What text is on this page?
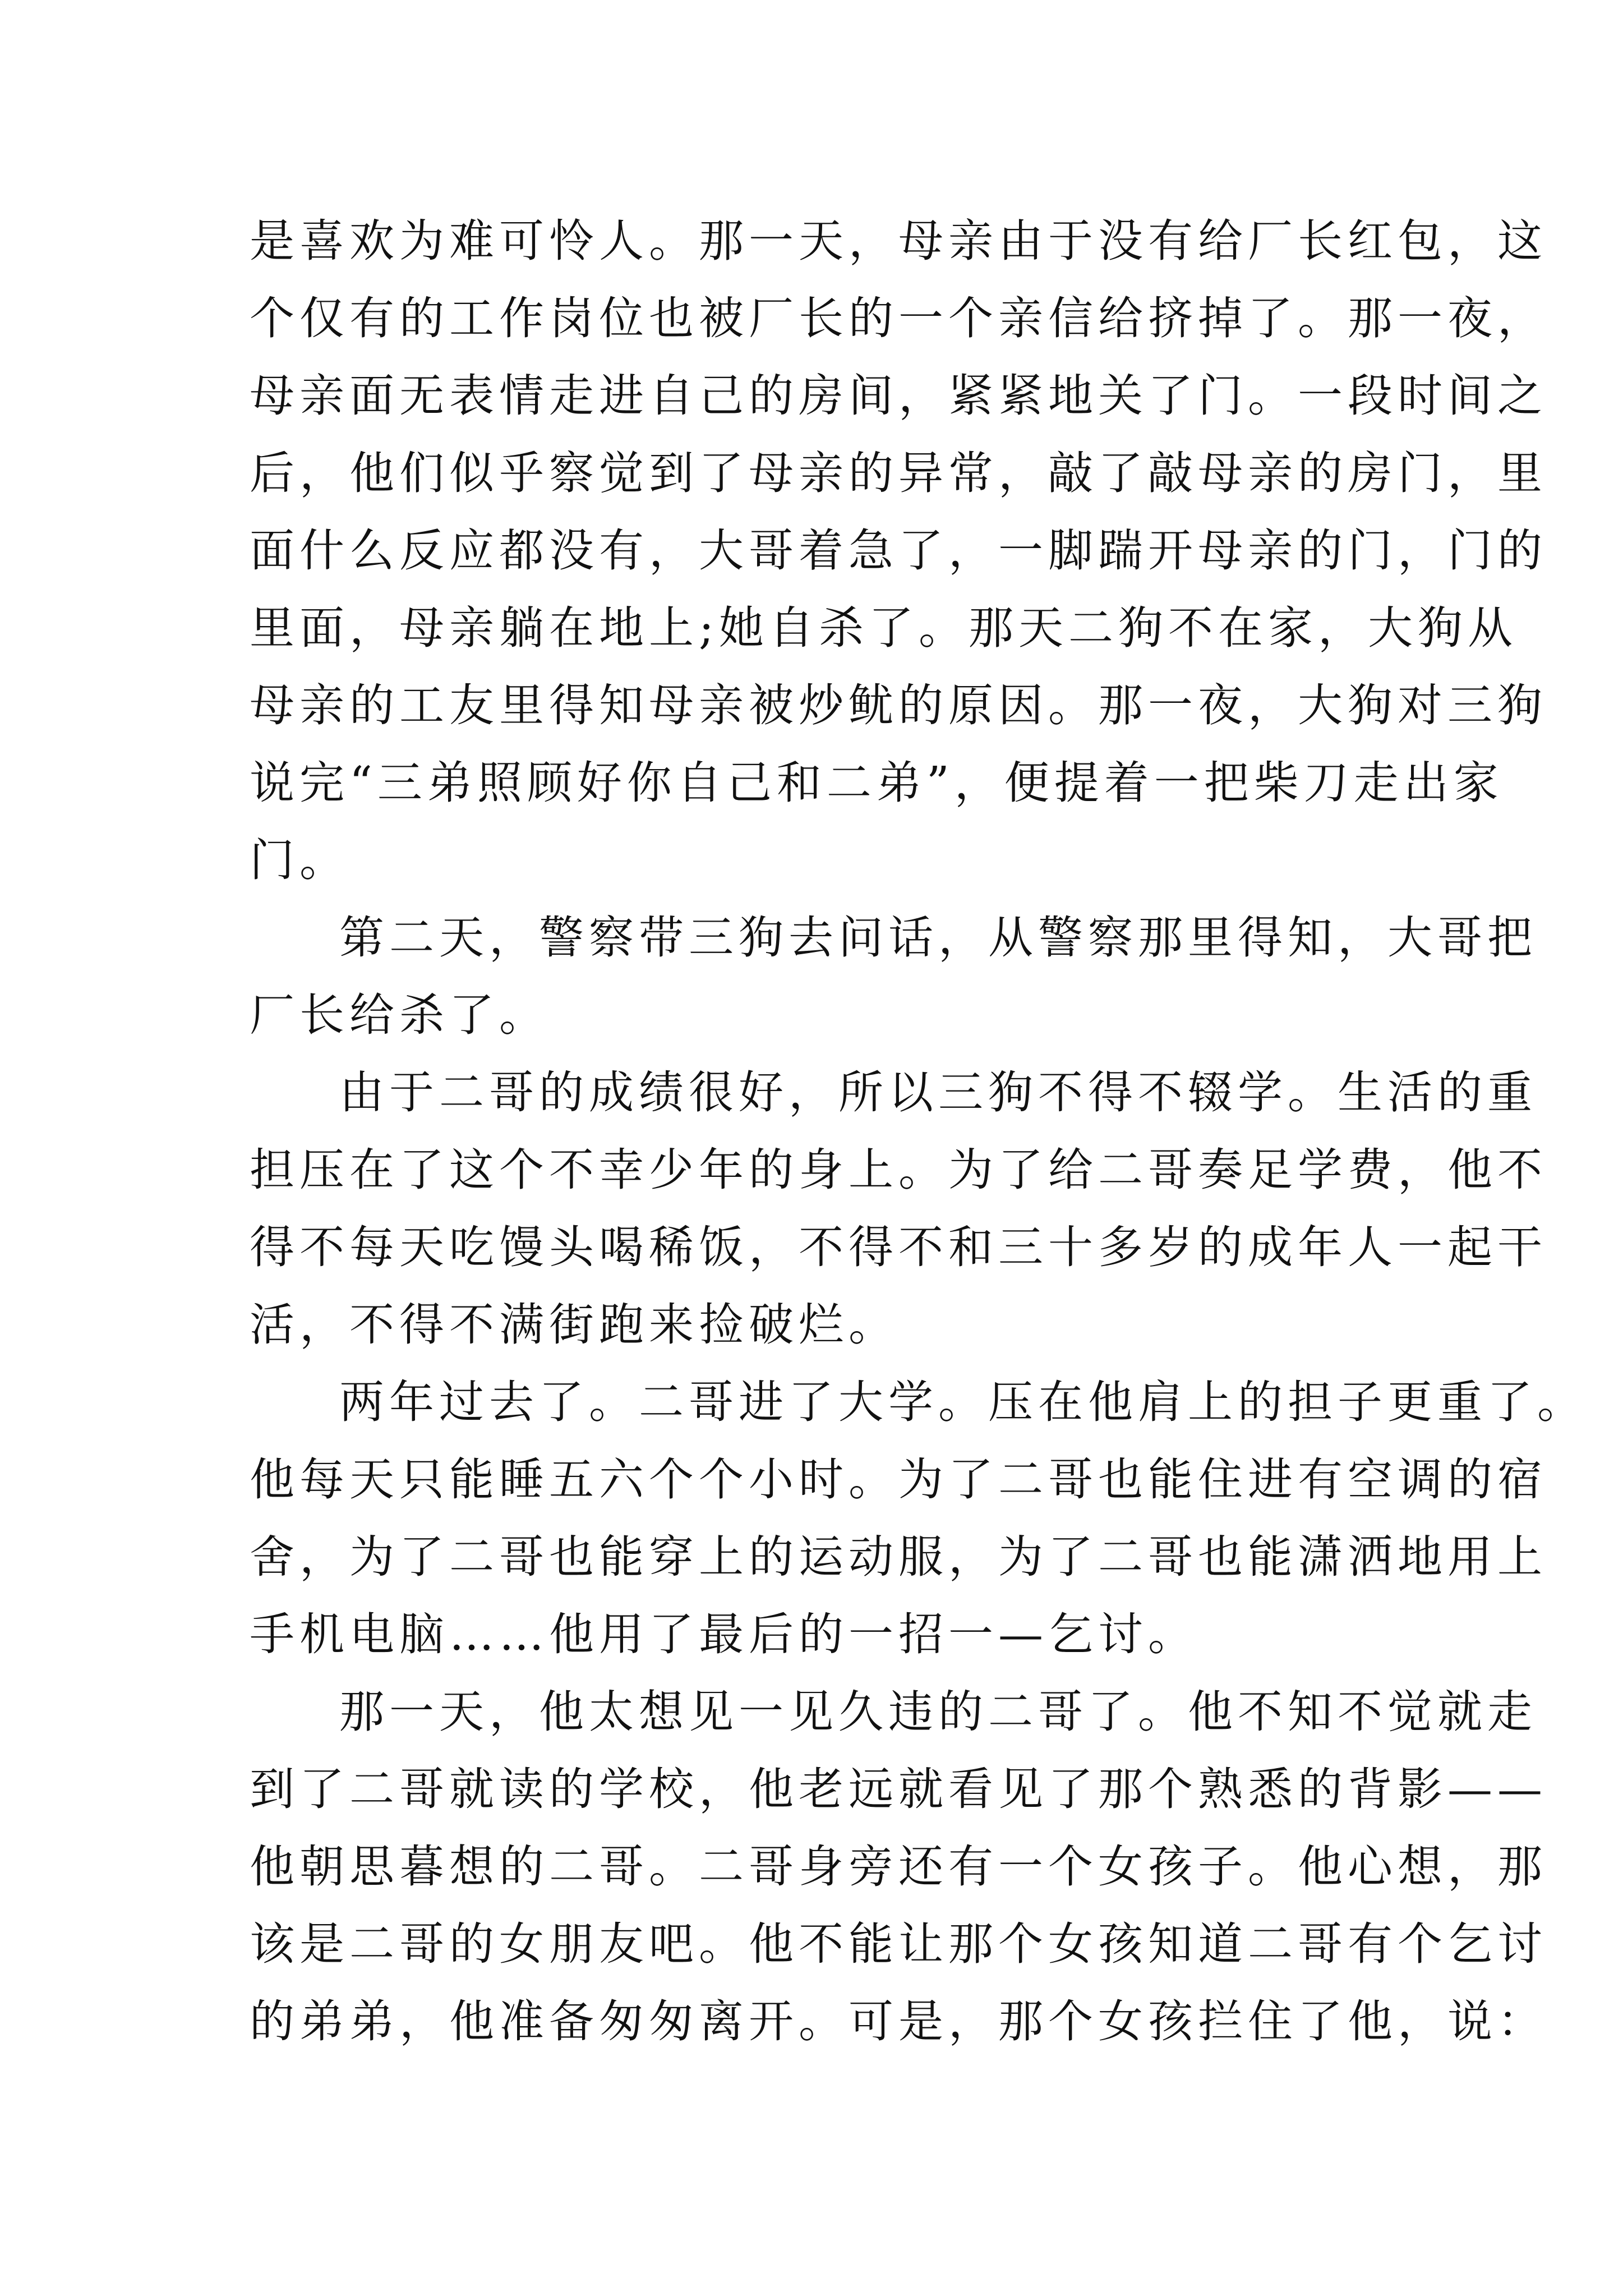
是喜欢为难可怜人。那一天，母亲由于没有给厂长红包，这
个仅有的工作岗位也被厂长的一个亲信给挤掉了。那一夜，
母亲面无表情走进自己的房间，紧紧地关了门。一段时间之
后，他们似乎察觉到了母亲的异常，敲了敲母亲的房门，里
面什么反应都没有，大哥着急了，一脚踹开母亲的门，门的
里面，母亲躺在地上;她自杀了。那天二狗不在家，大狗从
母亲的工友里得知母亲被炒鱿的原因。那一夜，大狗对三狗
说完“三弟照顾好你自己和二弟”，便提着一把柴刀走出家
门。
第二天，警察带三狗去问话，从警察那里得知，大哥把
厂长给杀了。
由于二哥的成绩很好，所以三狗不得不辍学。生活的重
担压在了这个不幸少年的身上。为了给二哥奏足学费，他不
得不每天吃馒头喝稀饭，不得不和三十多岁的成年人一起干
活，不得不满街跑来捡破烂。
两年过去了。二哥进了大学。压在他肩上的担子更重了。
他每天只能睡五六个个小时。为了二哥也能住进有空调的宿
舍，为了二哥也能穿上的运动服，为了二哥也能潇洒地用上
手机电脑……他用了最后的一招一—乞讨。
那一天，他太想见一见久违的二哥了。他不知不觉就走
到了二哥就读的学校，他老远就看见了那个熟悉的背影——
他朝思暮想的二哥。二哥身旁还有一个女孩子。他心想，那
该是二哥的女朋友吧。他不能让那个女孩知道二哥有个乞讨
的弟弟，他准备匆匆离开。可是，那个女孩拦住了他，说：
